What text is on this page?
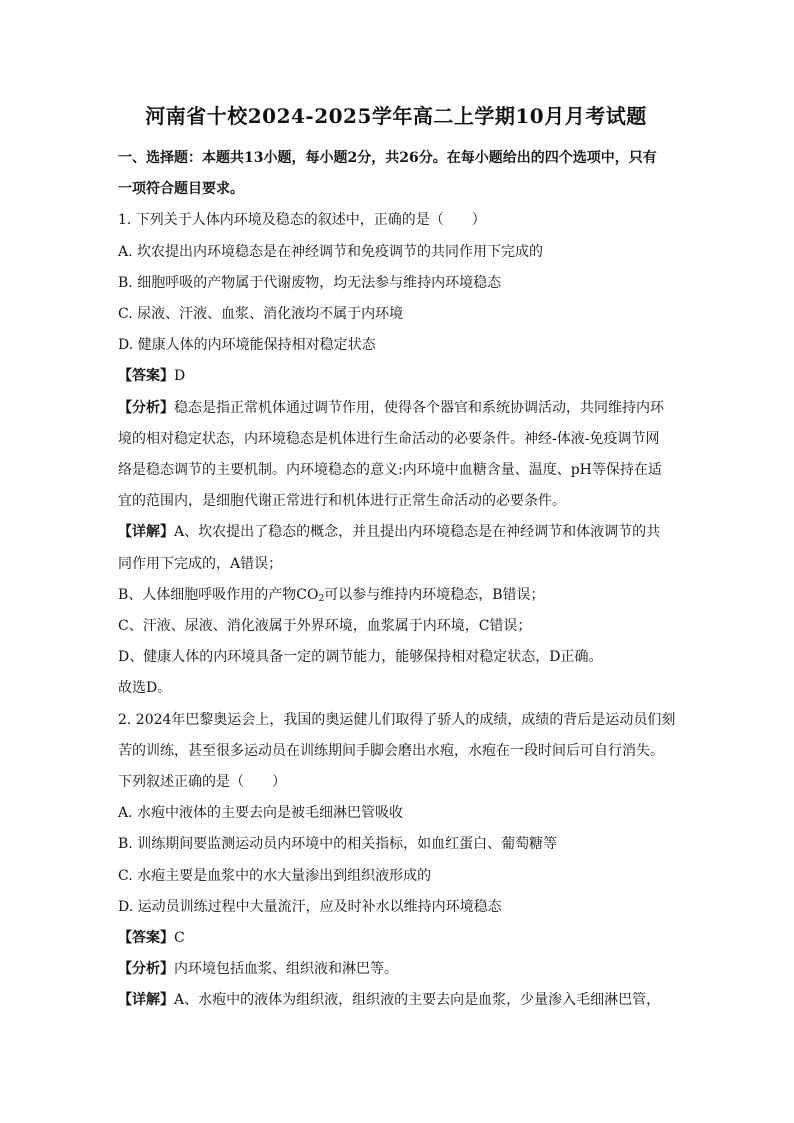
河南省十校2024-2025学年高二上学期10月月考试题
一、选择题：本题共13小题，每小题2分，共26分。在每小题给出的四个选项中，只有
一项符合题目要求。
1. 下列关于人体内环境及稳态的叙述中，正确的是（　　）
A. 坎农提出内环境稳态是在神经调节和免疫调节的共同作用下完成的
B. 细胞呼吸的产物属于代谢废物，均无法参与维持内环境稳态
C. 尿液、汗液、血浆、消化液均不属于内环境
D. 健康人体的内环境能保持相对稳定状态
【答案】D
【分析】稳态是指正常机体通过调节作用，使得各个器官和系统协调活动，共同维持内环
境的相对稳定状态，内环境稳态是机体进行生命活动的必要条件。神经-体液-免疫调节网
络是稳态调节的主要机制。内环境稳态的意义:内环境中血糖含量、温度、pH等保持在适
宜的范围内，是细胞代谢正常进行和机体进行正常生命活动的必要条件。
【详解】A、坎农提出了稳态的概念，并且提出内环境稳态是在神经调节和体液调节的共
同作用下完成的，A错误；
B、人体细胞呼吸作用的产物$CO_2$可以参与维持内环境稳态，B错误；
C、汗液、尿液、消化液属于外界环境，血浆属于内环境，C错误；
D、健康人体的内环境具备一定的调节能力，能够保持相对稳定状态，D正确。
故选D。
2. 2024年巴黎奥运会上，我国的奥运健儿们取得了骄人的成绩，成绩的背后是运动员们刻
苦的训练，甚至很多运动员在训练期间手脚会磨出水疱，水疱在一段时间后可自行消失。
下列叙述正确的是（　　）
A. 水疱中液体的主要去向是被毛细淋巴管吸收
B. 训练期间要监测运动员内环境中的相关指标，如血红蛋白、葡萄糖等
C. 水疱主要是血浆中的水大量渗出到组织液形成的
D. 运动员训练过程中大量流汗，应及时补水以维持内环境稳态
【答案】C
【分析】内环境包括血浆、组织液和淋巴等。
【详解】A、水疱中的液体为组织液，组织液的主要去向是血浆，少量渗入毛细淋巴管，
